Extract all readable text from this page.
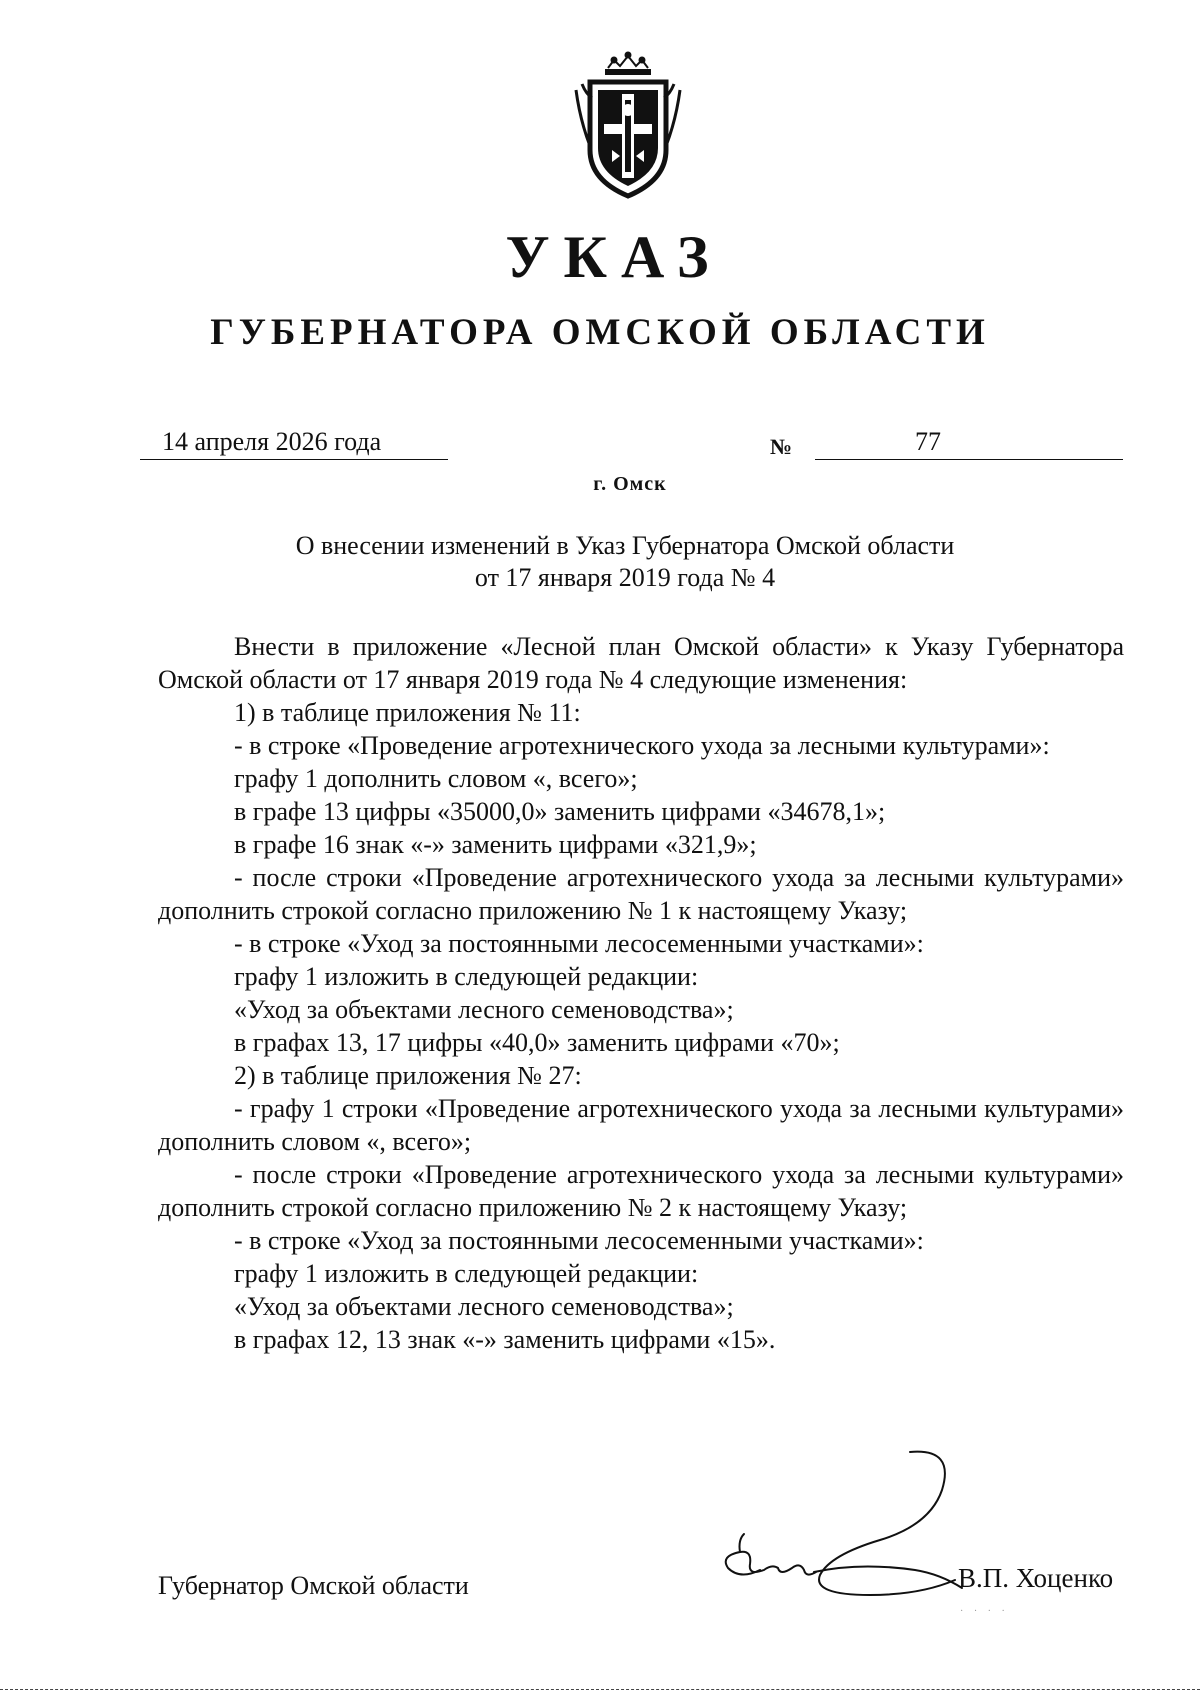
УКАЗ
ГУБЕРНАТОРА ОМСКОЙ ОБЛАСТИ
14 апреля 2026 года	№	77
г. Омск
О внесении изменений в Указ Губернатора Омской области
от 17 января 2019 года № 4

Внести в приложение «Лесной план Омской области» к Указу Губернатора Омской области от 17 января 2019 года № 4 следующие изменения:

1) в таблице приложения № 11:

- в строке «Проведение агротехнического ухода за лесными культурами»:

графу 1 дополнить словом «, всего»;

в графе 13 цифры «35000,0» заменить цифрами «34678,1»;

в графе 16 знак «-» заменить цифрами «321,9»;

- после строки «Проведение агротехнического ухода за лесными культурами» дополнить строкой согласно приложению № 1 к настоящему Указу;

- в строке «Уход за постоянными лесосеменными участками»:

графу 1 изложить в следующей редакции:

«Уход за объектами лесного семеноводства»;

в графах 13, 17 цифры «40,0» заменить цифрами «70»;

2) в таблице приложения № 27:

- графу 1 строки «Проведение агротехнического ухода за лесными культурами» дополнить словом «, всего»;

- после строки «Проведение агротехнического ухода за лесными культурами» дополнить строкой согласно приложению № 2 к настоящему Указу;

- в строке «Уход за постоянными лесосеменными участками»:

графу 1 изложить в следующей редакции:

«Уход за объектами лесного семеноводства»;

в графах 12, 13 знак «-» заменить цифрами «15».

Губернатор Омской области	В.П. Хоценко
· · · ·
